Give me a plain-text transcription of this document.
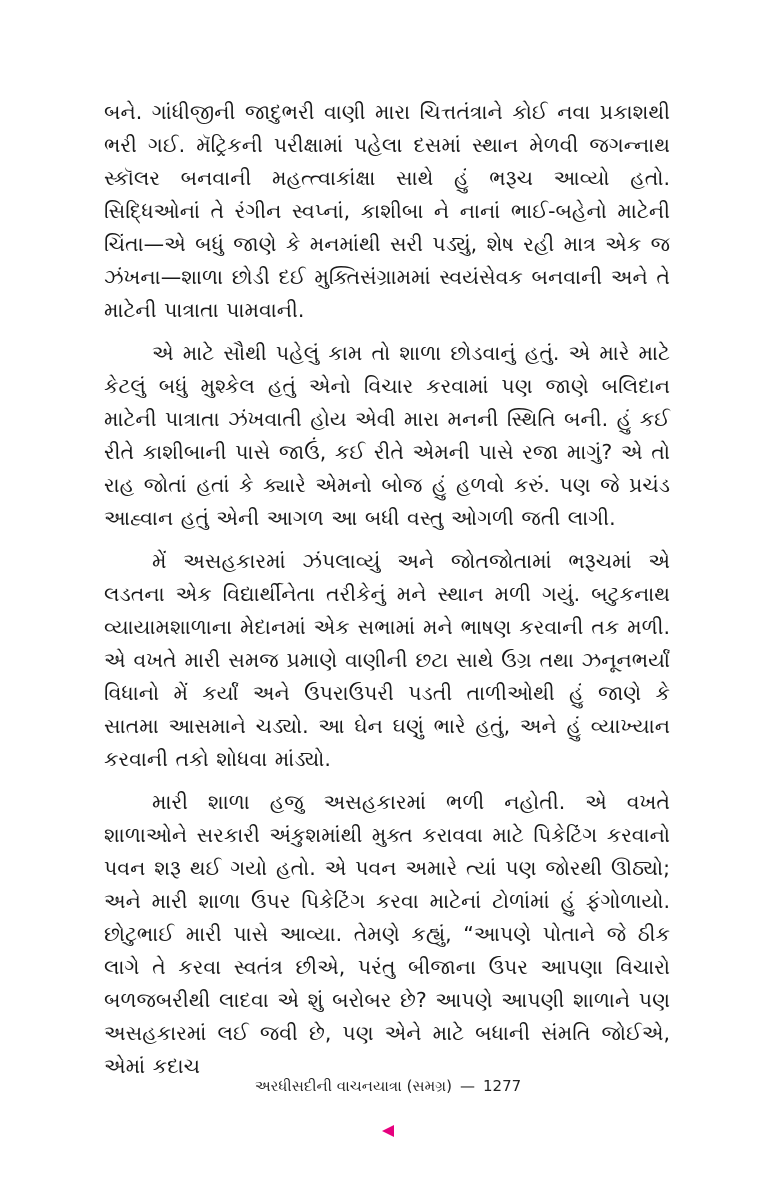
બને. ગાંધીજીની જાદુભરી વાણી મારા ચિત્તતંત્રાને કોઈ નવા પ્રકાશથી ભરી ગઈ. મૅટ્રિકની પરીક્ષામાં પહેલા દસમાં સ્થાન મેળવી જગન્નાથ સ્કૉલર બનવાની મહત્ત્વાકાંક્ષા સાથે હું ભરૂચ આવ્યો હતો. સિદ્ધિઓનાં તે રંગીન સ્વપ્નાં, કાશીબા ને નાનાં ભાઈ-બહેનો માટેની ચિંતા—એ બધું જાણે કે મનમાંથી સરી પડ્યું, શેષ રહી માત્ર એક જ ઝંખના—શાળા છોડી દઈ મુક્તિસંગ્રામમાં સ્વયંસેવક બનવાની અને તે માટેની પાત્રાતા પામવાની.

એ માટે સૌથી પહેલું કામ તો શાળા છોડવાનું હતું. એ મારે માટે કેટલું બધું મુશ્કેલ હતું એનો વિચાર કરવામાં પણ જાણે બલિદાન માટેની પાત્રાતા ઝંખવાતી હોય એવી મારા મનની સ્થિતિ બની. હું કઈ રીતે કાશીબાની પાસે જાઉં, કઈ રીતે એમની પાસે રજા માગું? એ તો રાહ જોતાં હતાં કે ક્યારે એમનો બોજ હું હળવો કરું. પણ જે પ્રચંડ આહ્વાન હતું એની આગળ આ બધી વસ્તુ ઓગળી જતી લાગી.

મેં અસહકારમાં ઝંપલાવ્યું અને જોતજોતામાં ભરૂચમાં એ લડતના એક વિદ્યાર્થીનેતા તરીકેનું મને સ્થાન મળી ગયું. બટુકનાથ વ્યાયામશાળાના મેદાનમાં એક સભામાં મને ભાષણ કરવાની તક મળી. એ વખતે મારી સમજ પ્રમાણે વાણીની છટા સાથે ઉગ્ર તથા ઝનૂનભર્યાં વિધાનો મેં કર્યાં અને ઉપરાઉપરી પડતી તાળીઓથી હું જાણે કે સાતમા આસમાને ચડ્યો. આ ઘેન ઘણું ભારે હતું, અને હું વ્યાખ્યાન કરવાની તકો શોધવા માંડ્યો.

મારી શાળા હજુ અસહકારમાં ભળી નહોતી. એ વખતે શાળાઓને સરકારી અંકુશમાંથી મુક્ત કરાવવા માટે પિકેટિંગ કરવાનો પવન શરૂ થઈ ગયો હતો. એ પવન અમારે ત્યાં પણ જોરથી ઊઠ્યો; અને મારી શાળા ઉપર પિકેટિંગ કરવા માટેનાં ટોળાંમાં હું ફંગોળાયો. છોટુભાઈ મારી પાસે આવ્યા. તેમણે કહ્યું, “આપણે પોતાને જે ઠીક લાગે તે કરવા સ્વતંત્ર છીએ, પરંતુ બીજાના ઉપર આપણા વિચારો બળજબરીથી લાદવા એ શું બરોબર છે? આપણે આપણી શાળાને પણ અસહકારમાં લઈ જવી છે, પણ એને માટે બધાની સંમતિ જોઈએ, એમાં કદાચ

અરધીસદીની વાચનયાત્રા (સમગ્ર) — 1277
